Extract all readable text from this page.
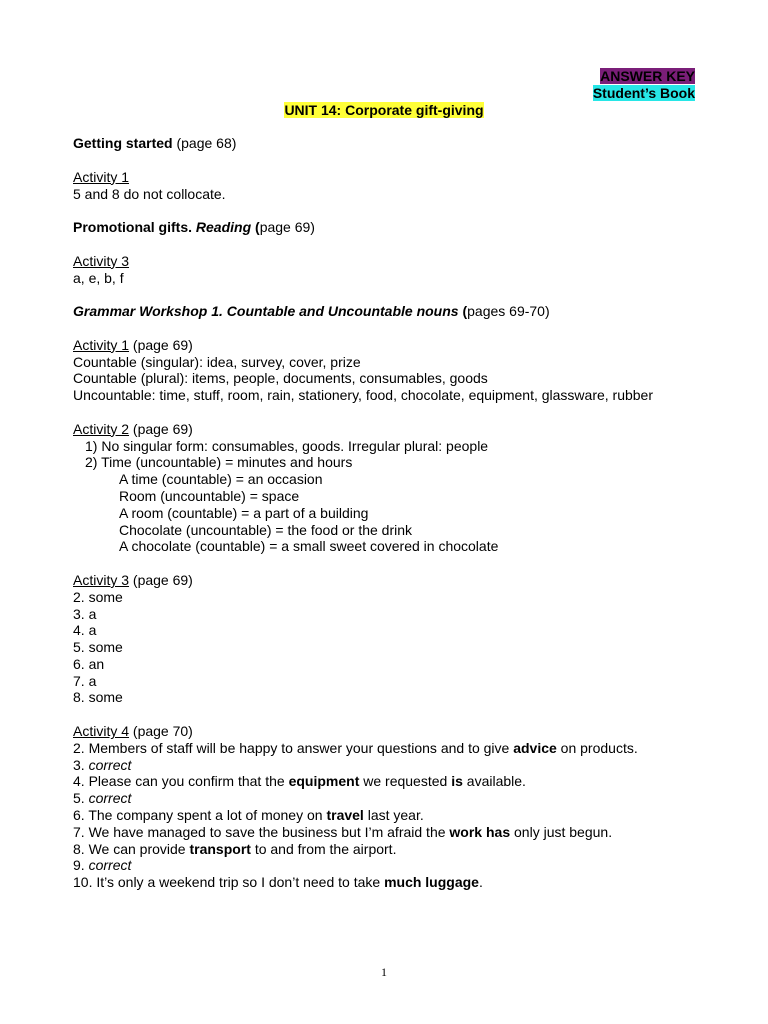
ANSWER KEY
Student’s Book
UNIT 14: Corporate gift-giving
Getting started (page 68)
Activity 1
5 and 8 do not collocate.
Promotional gifts. Reading (page 69)
Activity 3
a, e, b, f
Grammar Workshop 1. Countable and Uncountable nouns (pages 69-70)
Activity 1 (page 69)
Countable (singular): idea, survey, cover, prize
Countable (plural): items, people, documents, consumables, goods
Uncountable: time, stuff, room, rain, stationery, food, chocolate, equipment, glassware, rubber
Activity 2 (page 69)
1) No singular form: consumables, goods. Irregular plural: people
2) Time (uncountable) = minutes and hours
A time (countable) = an occasion
Room (uncountable) = space
A room (countable) = a part of a building
Chocolate (uncountable) = the food or the drink
A chocolate (countable) = a small sweet covered in chocolate
Activity 3 (page 69)
2. some
3. a
4. a
5. some
6. an
7. a
8. some
Activity 4 (page 70)
2. Members of staff will be happy to answer your questions and to give advice on products.
3. correct
4. Please can you confirm that the equipment we requested is available.
5. correct
6. The company spent a lot of money on travel last year.
7. We have managed to save the business but I’m afraid the work has only just begun.
8. We can provide transport to and from the airport.
9. correct
10. It’s only a weekend trip so I don’t need to take much luggage.
1
